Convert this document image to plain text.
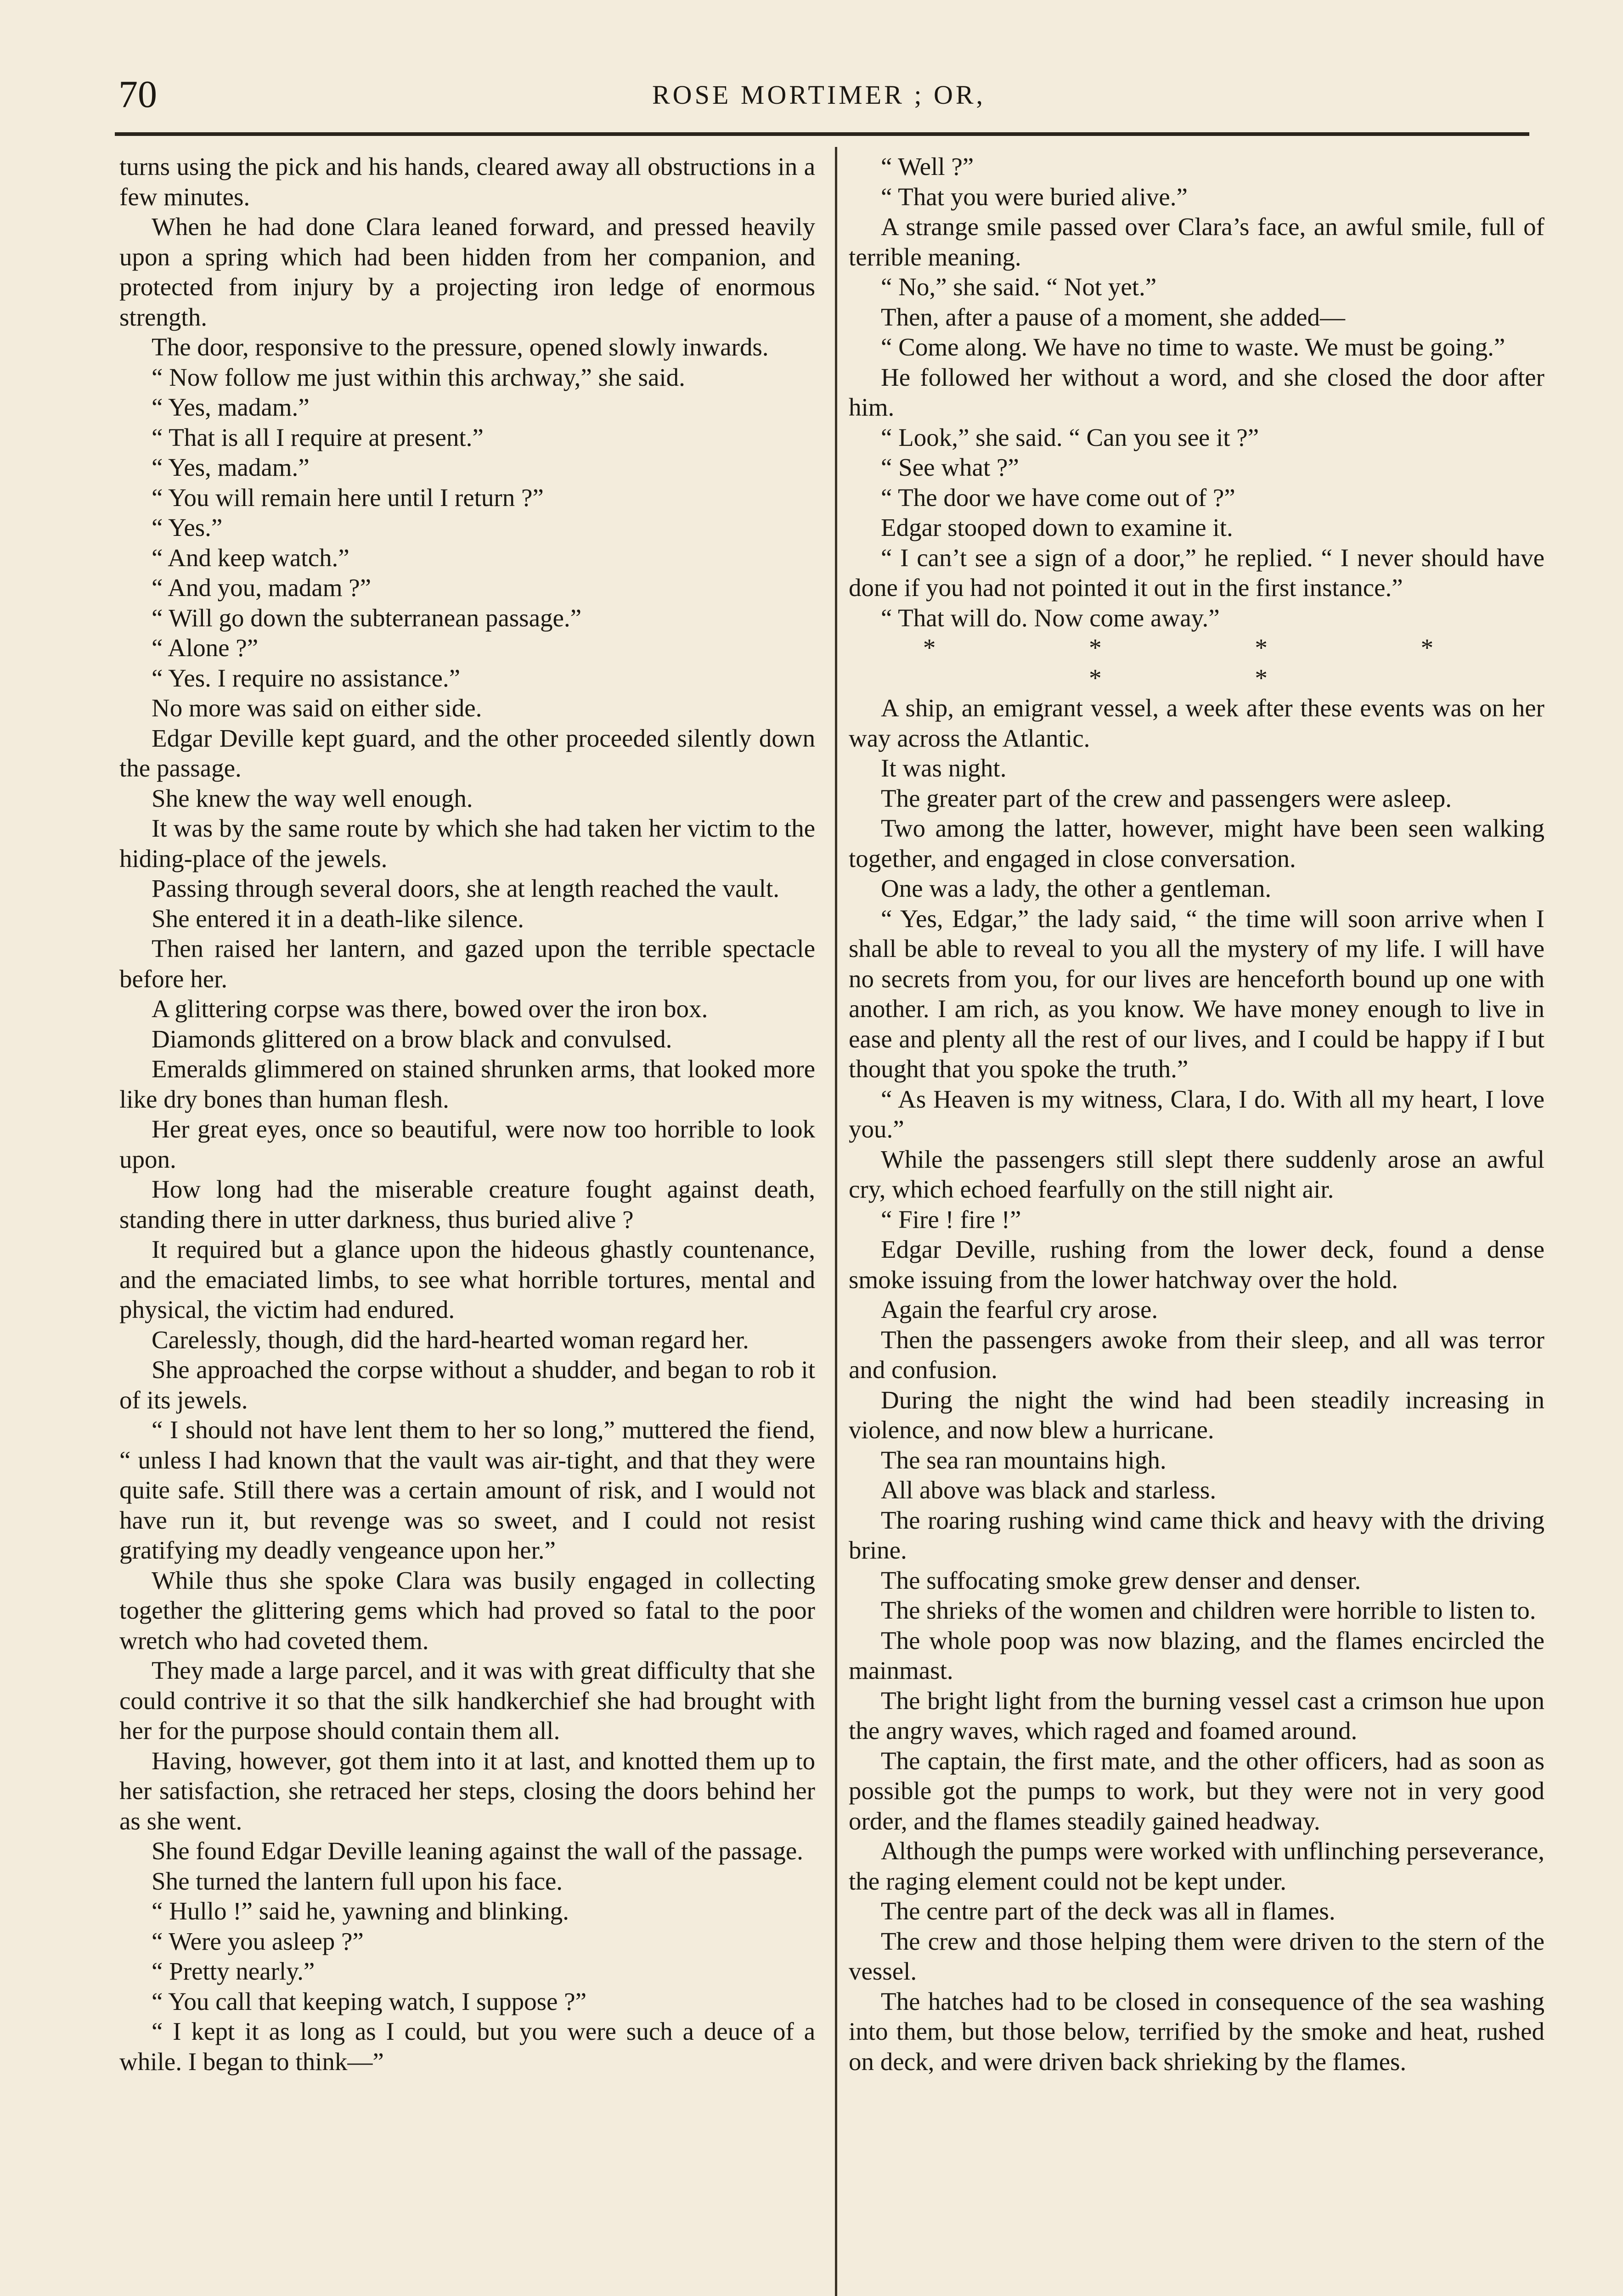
70	ROSE MORTIMER ; OR,

turns using the pick and his hands, cleared away all obstructions in a few minutes.

When he had done Clara leaned forward, and pressed heavily upon a spring which had been hidden from her companion, and protected from injury by a projecting iron ledge of enormous strength.

The door, responsive to the pressure, opened slowly inwards.

“ Now follow me just within this archway,” she said.

“ Yes, madam.”

“ That is all I require at present.”

“ Yes, madam.”

“ You will remain here until I return ?”

“ Yes.”

“ And keep watch.”

“ And you, madam ?”

“ Will go down the subterranean passage.”

“ Alone ?”

“ Yes. I require no assistance.”

No more was said on either side.

Edgar Deville kept guard, and the other proceeded silently down the passage.

She knew the way well enough.

It was by the same route by which she had taken her victim to the hiding-place of the jewels.

Passing through several doors, she at length reached the vault.

She entered it in a death-like silence.

Then raised her lantern, and gazed upon the terrible spectacle before her.

A glittering corpse was there, bowed over the iron box.

Diamonds glittered on a brow black and convulsed.

Emeralds glimmered on stained shrunken arms, that looked more like dry bones than human flesh.

Her great eyes, once so beautiful, were now too horrible to look upon.

How long had the miserable creature fought against death, standing there in utter darkness, thus buried alive ?

It required but a glance upon the hideous ghastly countenance, and the emaciated limbs, to see what horrible tortures, mental and physical, the victim had endured.

Carelessly, though, did the hard-hearted woman regard her.

She approached the corpse without a shudder, and began to rob it of its jewels.

“ I should not have lent them to her so long,” muttered the fiend, “ unless I had known that the vault was air-tight, and that they were quite safe. Still there was a certain amount of risk, and I would not have run it, but revenge was so sweet, and I could not resist gratifying my deadly vengeance upon her.”

While thus she spoke Clara was busily engaged in collecting together the glittering gems which had proved so fatal to the poor wretch who had coveted them.

They made a large parcel, and it was with great difficulty that she could contrive it so that the silk handkerchief she had brought with her for the purpose should contain them all.

Having, however, got them into it at last, and knotted them up to her satisfaction, she retraced her steps, closing the doors behind her as she went.

She found Edgar Deville leaning against the wall of the passage.

She turned the lantern full upon his face.

“ Hullo !” said he, yawning and blinking.

“ Were you asleep ?”

“ Pretty nearly.”

“ You call that keeping watch, I suppose ?”

“ I kept it as long as I could, but you were such a deuce of a while. I began to think—”

“ Well ?”

“ That you were buried alive.”

A strange smile passed over Clara’s face, an awful smile, full of terrible meaning.

“ No,” she said. “ Not yet.”

Then, after a pause of a moment, she added—

“ Come along. We have no time to waste. We must be going.”

He followed her without a word, and she closed the door after him.

“ Look,” she said. “ Can you see it ?”

“ See what ?”

“ The door we have come out of ?”

Edgar stooped down to examine it.

“ I can’t see a sign of a door,” he replied. “ I never should have done if you had not pointed it out in the first instance.”

“ That will do. Now come away.”

* * * * * *

A ship, an emigrant vessel, a week after these events was on her way across the Atlantic.

It was night.

The greater part of the crew and passengers were asleep.

Two among the latter, however, might have been seen walking together, and engaged in close conversation.

One was a lady, the other a gentleman.

“ Yes, Edgar,” the lady said, “ the time will soon arrive when I shall be able to reveal to you all the mystery of my life. I will have no secrets from you, for our lives are henceforth bound up one with another. I am rich, as you know. We have money enough to live in ease and plenty all the rest of our lives, and I could be happy if I but thought that you spoke the truth.”

“ As Heaven is my witness, Clara, I do. With all my heart, I love you.”

While the passengers still slept there suddenly arose an awful cry, which echoed fearfully on the still night air.

“ Fire ! fire !”

Edgar Deville, rushing from the lower deck, found a dense smoke issuing from the lower hatchway over the hold.

Again the fearful cry arose.

Then the passengers awoke from their sleep, and all was terror and confusion.

During the night the wind had been steadily increasing in violence, and now blew a hurricane.

The sea ran mountains high.

All above was black and starless.

The roaring rushing wind came thick and heavy with the driving brine.

The suffocating smoke grew denser and denser.

The shrieks of the women and children were horrible to listen to.

The whole poop was now blazing, and the flames encircled the mainmast.

The bright light from the burning vessel cast a crimson hue upon the angry waves, which raged and foamed around.

The captain, the first mate, and the other officers, had as soon as possible got the pumps to work, but they were not in very good order, and the flames steadily gained headway.

Although the pumps were worked with unflinching perseverance, the raging element could not be kept under.

The centre part of the deck was all in flames.

The crew and those helping them were driven to the stern of the vessel.

The hatches had to be closed in consequence of the sea washing into them, but those below, terrified by the smoke and heat, rushed on deck, and were driven back shrieking by the flames.
